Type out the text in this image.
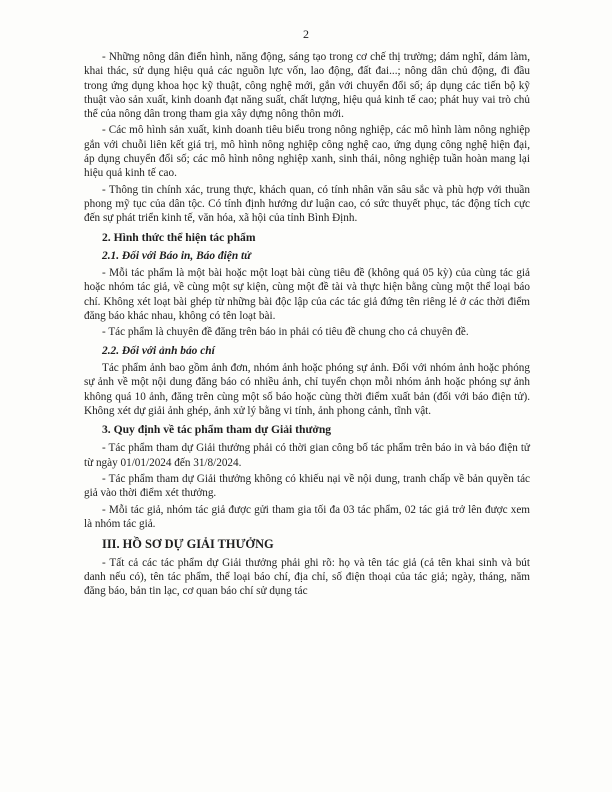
2

- Những nông dân điển hình, năng động, sáng tạo trong cơ chế thị trường; dám nghĩ, dám làm, khai thác, sử dụng hiệu quả các nguồn lực vốn, lao động, đất đai...; nông dân chủ động, đi đầu trong ứng dụng khoa học kỹ thuật, công nghệ mới, gắn với chuyển đổi số; áp dụng các tiến bộ kỹ thuật vào sản xuất, kinh doanh đạt năng suất, chất lượng, hiệu quả kinh tế cao; phát huy vai trò chủ thể của nông dân trong tham gia xây dựng nông thôn mới.

- Các mô hình sản xuất, kinh doanh tiêu biểu trong nông nghiệp, các mô hình làm nông nghiệp gắn với chuỗi liên kết giá trị, mô hình nông nghiệp công nghệ cao, ứng dụng công nghệ hiện đại, áp dụng chuyển đổi số; các mô hình nông nghiệp xanh, sinh thái, nông nghiệp tuần hoàn mang lại hiệu quả kinh tế cao.

- Thông tin chính xác, trung thực, khách quan, có tính nhân văn sâu sắc và phù hợp với thuần phong mỹ tục của dân tộc. Có tính định hướng dư luận cao, có sức thuyết phục, tác động tích cực đến sự phát triển kinh tế, văn hóa, xã hội của tỉnh Bình Định.

2. Hình thức thể hiện tác phẩm
2.1. Đối với Báo in, Báo điện tử

- Mỗi tác phẩm là một bài hoặc một loạt bài cùng tiêu đề (không quá 05 kỳ) của cùng tác giả hoặc nhóm tác giả, về cùng một sự kiện, cùng một đề tài và thực hiện bằng cùng một thể loại báo chí. Không xét loạt bài ghép từ những bài độc lập của các tác giả đứng tên riêng lẻ ở các thời điểm đăng báo khác nhau, không có tên loạt bài.

- Tác phẩm là chuyên đề đăng trên báo in phải có tiêu đề chung cho cả chuyên đề.

2.2. Đối với ảnh báo chí

Tác phẩm ảnh bao gồm ảnh đơn, nhóm ảnh hoặc phóng sự ảnh. Đối với nhóm ảnh hoặc phóng sự ảnh về một nội dung đăng báo có nhiều ảnh, chỉ tuyển chọn mỗi nhóm ảnh hoặc phóng sự ảnh không quá 10 ảnh, đăng trên cùng một số báo hoặc cùng thời điểm xuất bản (đối với báo điện tử). Không xét dự giải ảnh ghép, ảnh xử lý bằng vi tính, ảnh phong cảnh, tĩnh vật.

3. Quy định về tác phẩm tham dự Giải thưởng

- Tác phẩm tham dự Giải thưởng phải có thời gian công bố tác phẩm trên báo in và báo điện tử từ ngày 01/01/2024 đến 31/8/2024.

- Tác phẩm tham dự Giải thưởng không có khiếu nại về nội dung, tranh chấp về bản quyền tác giả vào thời điểm xét thưởng.

- Mỗi tác giả, nhóm tác giả được gửi tham gia tối đa 03 tác phẩm, 02 tác giả trở lên được xem là nhóm tác giả.

III. HỒ SƠ DỰ GIẢI THƯỞNG

- Tất cả các tác phẩm dự Giải thưởng phải ghi rõ: họ và tên tác giả (cả tên khai sinh và bút danh nếu có), tên tác phẩm, thể loại báo chí, địa chỉ, số điện thoại của tác giả; ngày, tháng, năm đăng báo, bản tin lạc, cơ quan báo chí sử dụng tác
